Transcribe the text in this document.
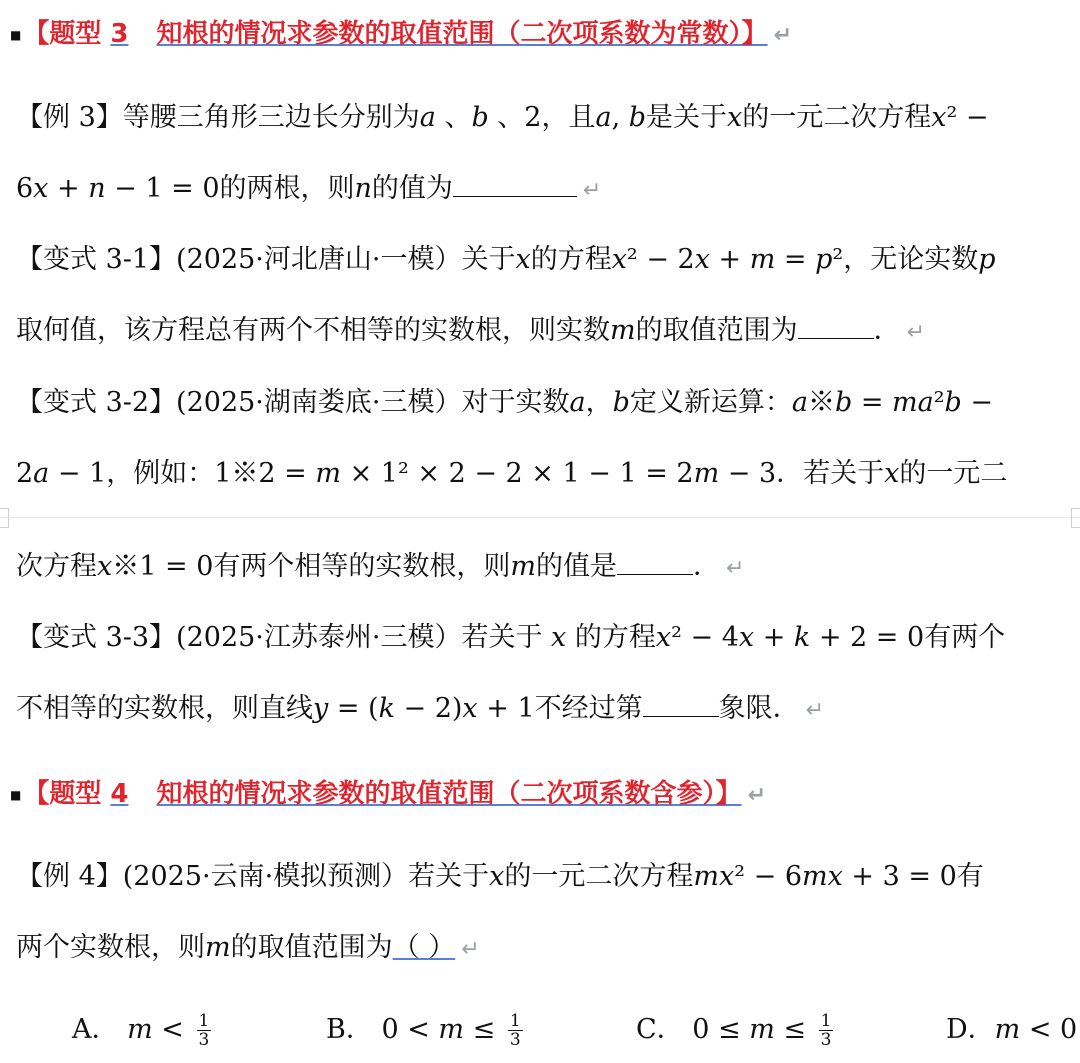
■【题型 3 知根的情况求参数的取值范围（二次项系数为常数）】 ↵
【例 3】等腰三角形三边长分别为𝑎 、𝑏 、2，且𝑎, 𝑏是关于𝑥的一元二次方程𝑥² −
6𝑥 + 𝑛 − 1 = 0的两根，则𝑛的值为	↵
【变式 3-1】(2025·河北唐山·一模）关于𝑥的方程𝑥² − 2𝑥 + 𝑚 = 𝑝²，无论实数𝑝
取何值，该方程总有两个不相等的实数根，则实数𝑚的取值范围为	． ↵
【变式 3-2】(2025·湖南娄底·三模）对于实数𝑎，𝑏定义新运算：𝑎※𝑏 = 𝑚𝑎²𝑏 −
2𝑎 − 1，例如：1※2 = 𝑚 × 1² × 2 − 2 × 1 − 1 = 2𝑚 − 3．若关于𝑥的一元二
次方程𝑥※1 = 0有两个相等的实数根，则𝑚的值是	． ↵
【变式 3-3】(2025·江苏泰州·三模）若关于 𝑥 的方程𝑥² − 4𝑥 + 𝑘 + 2 = 0有两个
不相等的实数根，则直线𝑦 = (𝑘 − 2)𝑥 + 1不经过第	象限． ↵
■【题型 4 知根的情况求参数的取值范围（二次项系数含参）】 ↵
【例 4】(2025·云南·模拟预测）若关于𝑥的一元二次方程𝑚𝑥² − 6𝑚𝑥 + 3 = 0有
两个实数根，则𝑚的取值范围为（ ） ↵
A． 𝑚 < $\frac{1}{3}$	B． 0 < 𝑚 ≤ $\frac{1}{3}$	C． 0 ≤ 𝑚 ≤ $\frac{1}{3}$	D．𝑚 < 0
